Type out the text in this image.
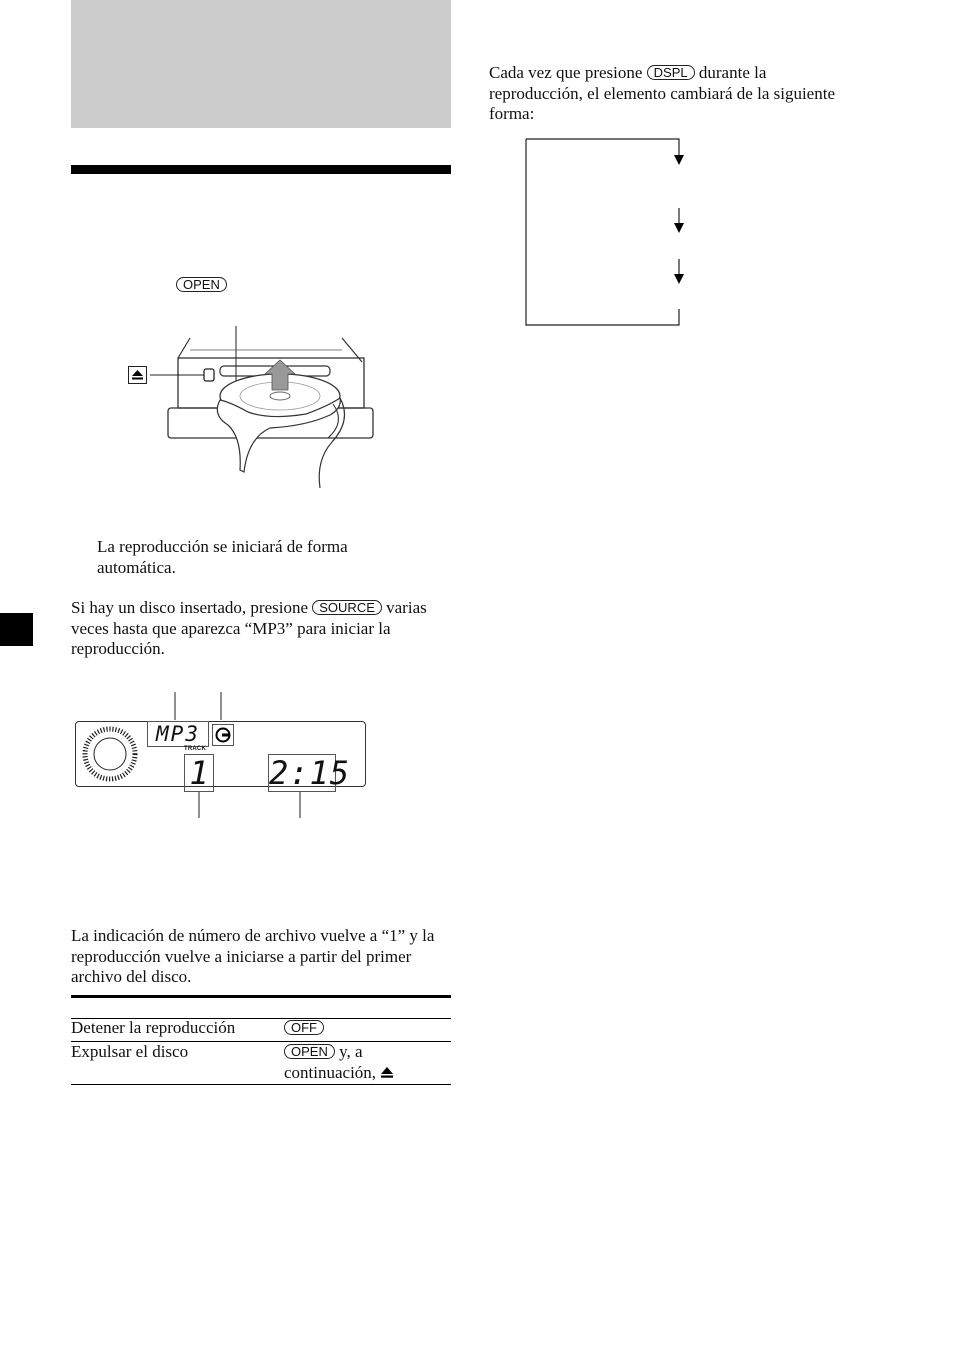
OPEN
La reproducción se iniciará de forma automática.
Si hay un disco insertado, presione SOURCE varias veces hasta que aparezca “MP3” para iniciar la reproducción.
MP3
TRACK
1 2:15
La indicación de número de archivo vuelve a “1” y la reproducción vuelve a iniciarse a partir del primer archivo del disco.
Detener la reproducción	OFF
Expulsar el disco	OPEN y, a continuación,
Cada vez que presione DSPL durante la reproducción, el elemento cambiará de la siguiente forma:
